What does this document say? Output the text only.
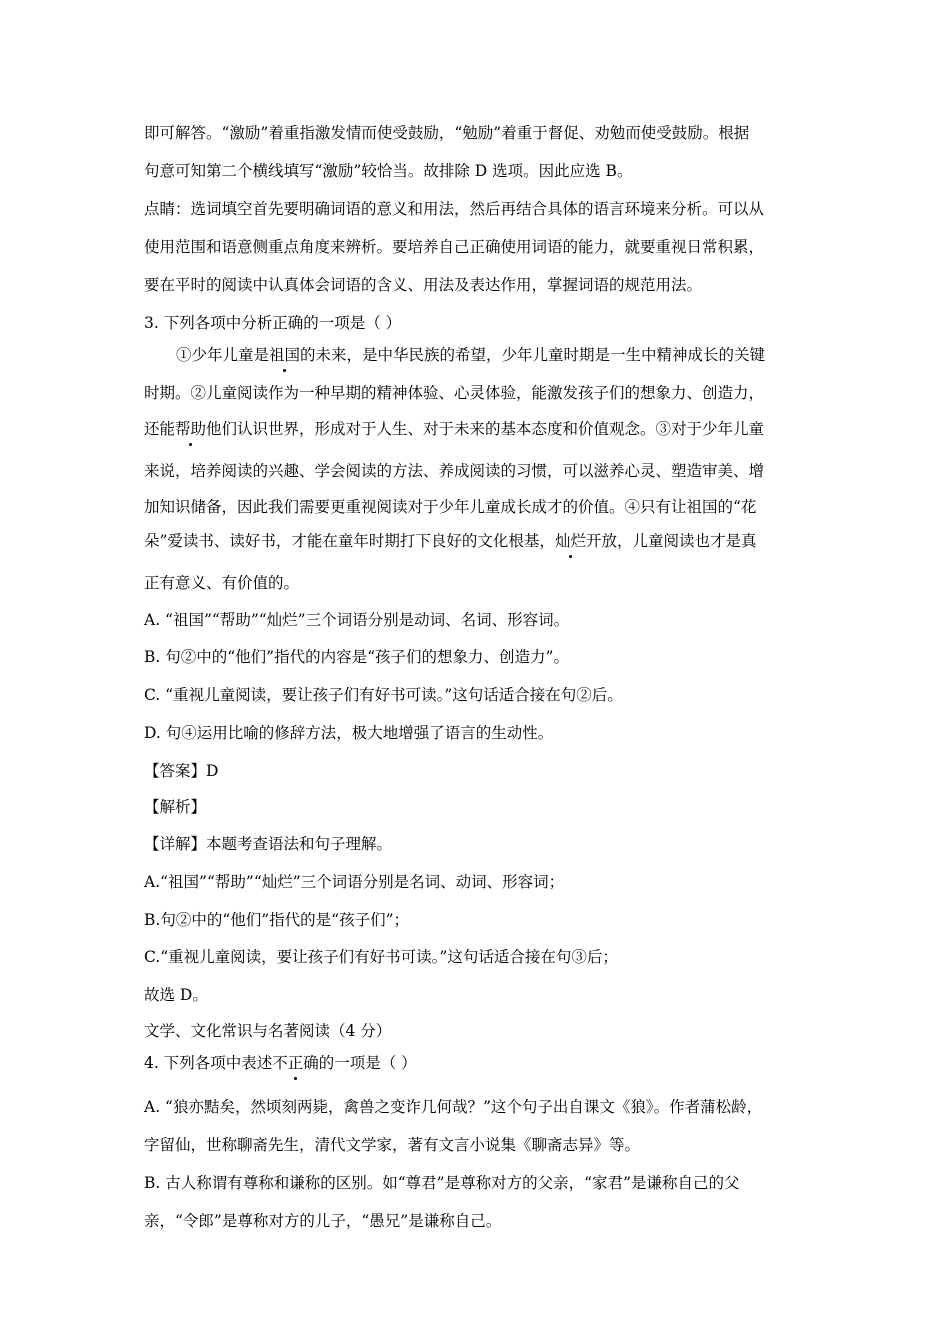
即可解答。“激励”着重指激发情而使受鼓励，“勉励”着重于督促、劝勉而使受鼓励。根据
句意可知第二个横线填写“激励”较恰当。故排除 D 选项。因此应选 B。
点睛：选词填空首先要明确词语的意义和用法，然后再结合具体的语言环境来分析。可以从
使用范围和语意侧重点角度来辨析。要培养自己正确使用词语的能力，就要重视日常积累，
要在平时的阅读中认真体会词语的含义、用法及表达作用，掌握词语的规范用法。
3. 下列各项中分析正确的一项是（ ）
①少年儿童是祖国的未来，是中华民族的希望，少年儿童时期是一生中精神成长的关键
时期。②儿童阅读作为一种早期的精神体验、心灵体验，能激发孩子们的想象力、创造力，
还能帮助他们认识世界，形成对于人生、对于未来的基本态度和价值观念。③对于少年儿童
来说，培养阅读的兴趣、学会阅读的方法、养成阅读的习惯，可以滋养心灵、塑造审美、增
加知识储备，因此我们需要更重视阅读对于少年儿童成长成才的价值。④只有让祖国的“花
朵”爱读书、读好书，才能在童年时期打下良好的文化根基，灿烂开放，儿童阅读也才是真
正有意义、有价值的。
A. “祖国”“帮助”“灿烂”三个词语分别是动词、名词、形容词。
B. 句②中的“他们”指代的内容是“孩子们的想象力、创造力”。
C. “重视儿童阅读，要让孩子们有好书可读。”这句话适合接在句②后。
D. 句④运用比喻的修辞方法，极大地增强了语言的生动性。
【答案】D
【解析】
【详解】本题考查语法和句子理解。
A.“祖国”“帮助”“灿烂”三个词语分别是名词、动词、形容词；
B.句②中的“他们”指代的是“孩子们”；
C.“重视儿童阅读，要让孩子们有好书可读。”这句话适合接在句③后；
故选 D。
文学、文化常识与名著阅读（4 分）
4. 下列各项中表述不正确的一项是（ ）
A. “狼亦黠矣，然顷刻两毙，禽兽之变诈几何哉？”这个句子出自课文《狼》。作者蒲松龄，
字留仙，世称聊斋先生，清代文学家，著有文言小说集《聊斋志异》等。
B. 古人称谓有尊称和谦称的区别。如“尊君”是尊称对方的父亲，“家君”是谦称自己的父
亲，“令郎”是尊称对方的儿子，“愚兄”是谦称自己。
